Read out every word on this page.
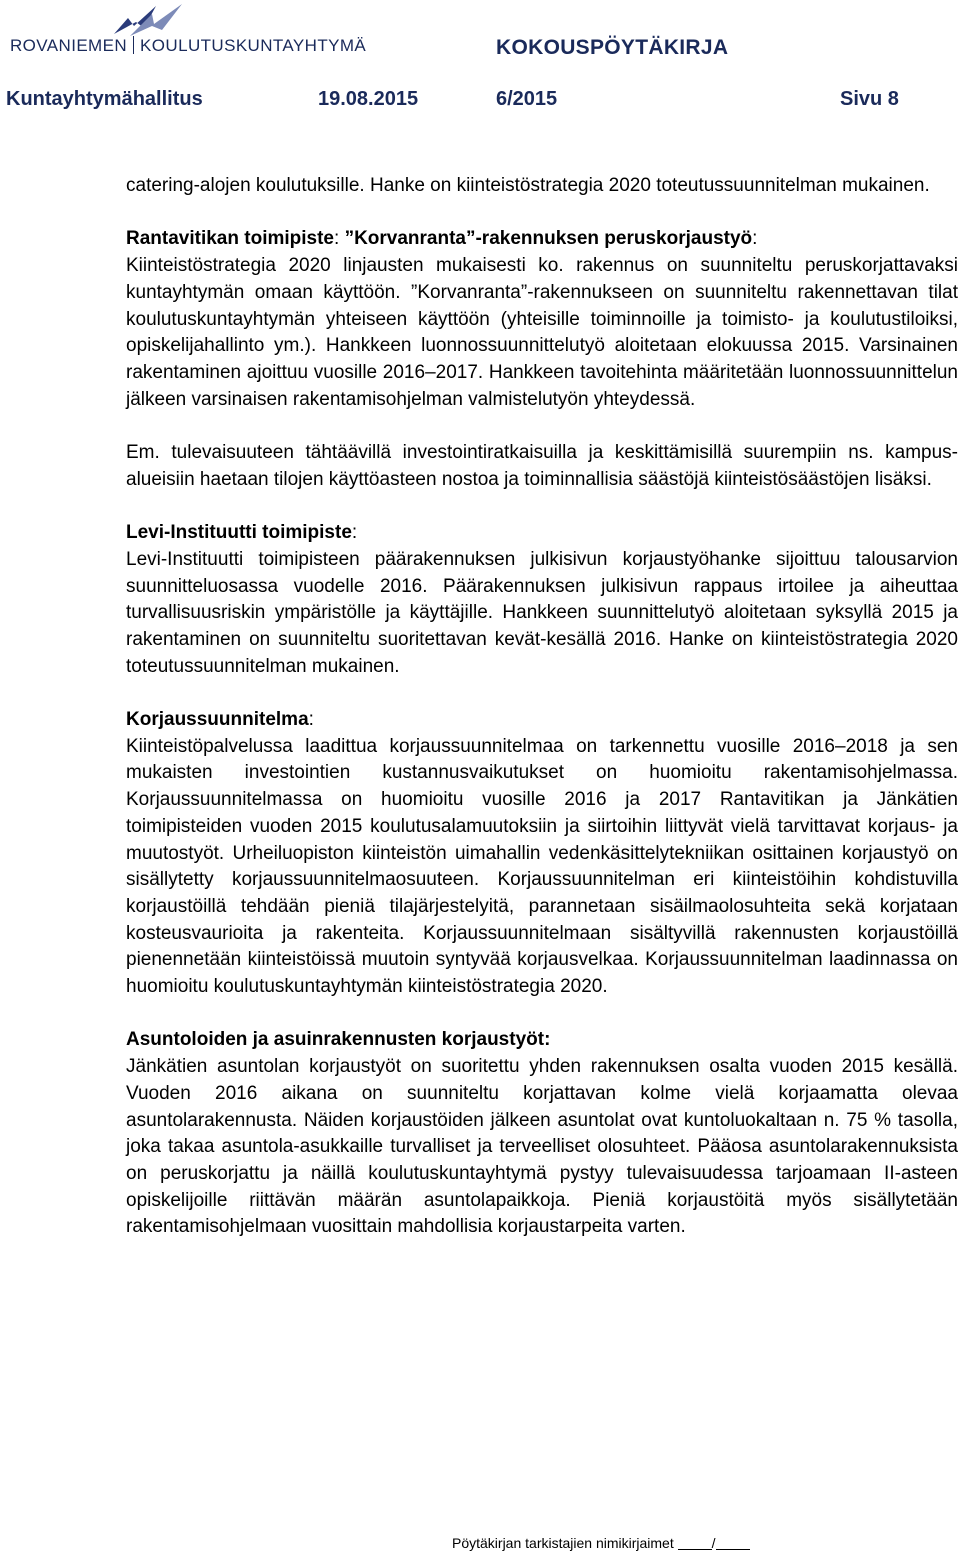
ROVANIEMEN KOULUTUSKUNTAYHTYMÄ	KOKOUSPÖYTÄKIRJA
Kuntayhtymähallitus	19.08.2015	6/2015	Sivu 8

catering-alojen koulutuksille. Hanke on kiinteistöstrategia 2020 toteutussuunnitelman mukainen.

Rantavitikan toimipiste: ”Korvanranta”-rakennuksen peruskorjaustyö:
Kiinteistöstrategia 2020 linjausten mukaisesti ko. rakennus on suunniteltu peruskorjattavaksi kuntayhtymän omaan käyttöön. ”Korvanranta”-rakennukseen on suunniteltu rakennettavan tilat koulutuskuntayhtymän yhteiseen käyttöön (yhteisille toiminnoille ja toimisto- ja koulutustiloiksi, opiskelijahallinto ym.). Hankkeen luonnossuunnittelutyö aloitetaan elokuussa 2015. Varsinainen rakentaminen ajoittuu vuosille 2016–2017. Hankkeen tavoitehinta määritetään luonnossuunnittelun jälkeen varsinaisen rakentamisohjelman valmistelutyön yhteydessä.

Em. tulevaisuuteen tähtäävillä investointiratkaisuilla ja keskittämisillä suurempiin ns. kampus-alueisiin haetaan tilojen käyttöasteen nostoa ja toiminnallisia säästöjä kiinteistösäästöjen lisäksi.

Levi-Instituutti toimipiste:
Levi-Instituutti toimipisteen päärakennuksen julkisivun korjaustyöhanke sijoittuu talousarvion suunnitteluosassa vuodelle 2016. Päärakennuksen julkisivun rappaus irtoilee ja aiheuttaa turvallisuusriskin ympäristölle ja käyttäjille. Hankkeen suunnittelutyö aloitetaan syksyllä 2015 ja rakentaminen on suunniteltu suoritettavan kevät-kesällä 2016. Hanke on kiinteistöstrategia 2020 toteutussuunnitelman mukainen.

Korjaussuunnitelma:
Kiinteistöpalvelussa laadittua korjaussuunnitelmaa on tarkennettu vuosille 2016–2018 ja sen mukaisten investointien kustannusvaikutukset on huomioitu rakentamisohjelmassa. Korjaussuunnitelmassa on huomioitu vuosille 2016 ja 2017 Rantavitikan ja Jänkätien toimipisteiden vuoden 2015 koulutusalamuutoksiin ja siirtoihin liittyvät vielä tarvittavat korjaus- ja muutostyöt. Urheiluopiston kiinteistön uimahallin vedenkäsittelytekniikan osittainen korjaustyö on sisällytetty korjaussuunnitelmaosuuteen. Korjaussuunnitelman eri kiinteistöihin kohdistuvilla korjaustöillä tehdään pieniä tilajärjestelyitä, parannetaan sisäilmaolosuhteita sekä korjataan kosteusvaurioita ja rakenteita. Korjaussuunnitelmaan sisältyvillä rakennusten korjaustöillä pienennetään kiinteistöissä muutoin syntyvää korjausvelkaa. Korjaussuunnitelman laadinnassa on huomioitu koulutuskuntayhtymän kiinteistöstrategia 2020.

Asuntoloiden ja asuinrakennusten korjaustyöt:
Jänkätien asuntolan korjaustyöt on suoritettu yhden rakennuksen osalta vuoden 2015 kesällä. Vuoden 2016 aikana on suunniteltu korjattavan kolme vielä korjaamatta olevaa asuntolarakennusta. Näiden korjaustöiden jälkeen asuntolat ovat kuntoluokaltaan n. 75 % tasolla, joka takaa asuntola-asukkaille turvalliset ja terveelliset olosuhteet. Pääosa asuntolarakennuksista on peruskorjattu ja näillä koulutuskuntayhtymä pystyy tulevaisuudessa tarjoamaan II-asteen opiskelijoille riittävän määrän asuntolapaikkoja. Pieniä korjaustöitä myös sisällytetään rakentamisohjelmaan vuosittain mahdollisia korjaustarpeita varten.

Pöytäkirjan tarkistajien nimikirjaimet	/
